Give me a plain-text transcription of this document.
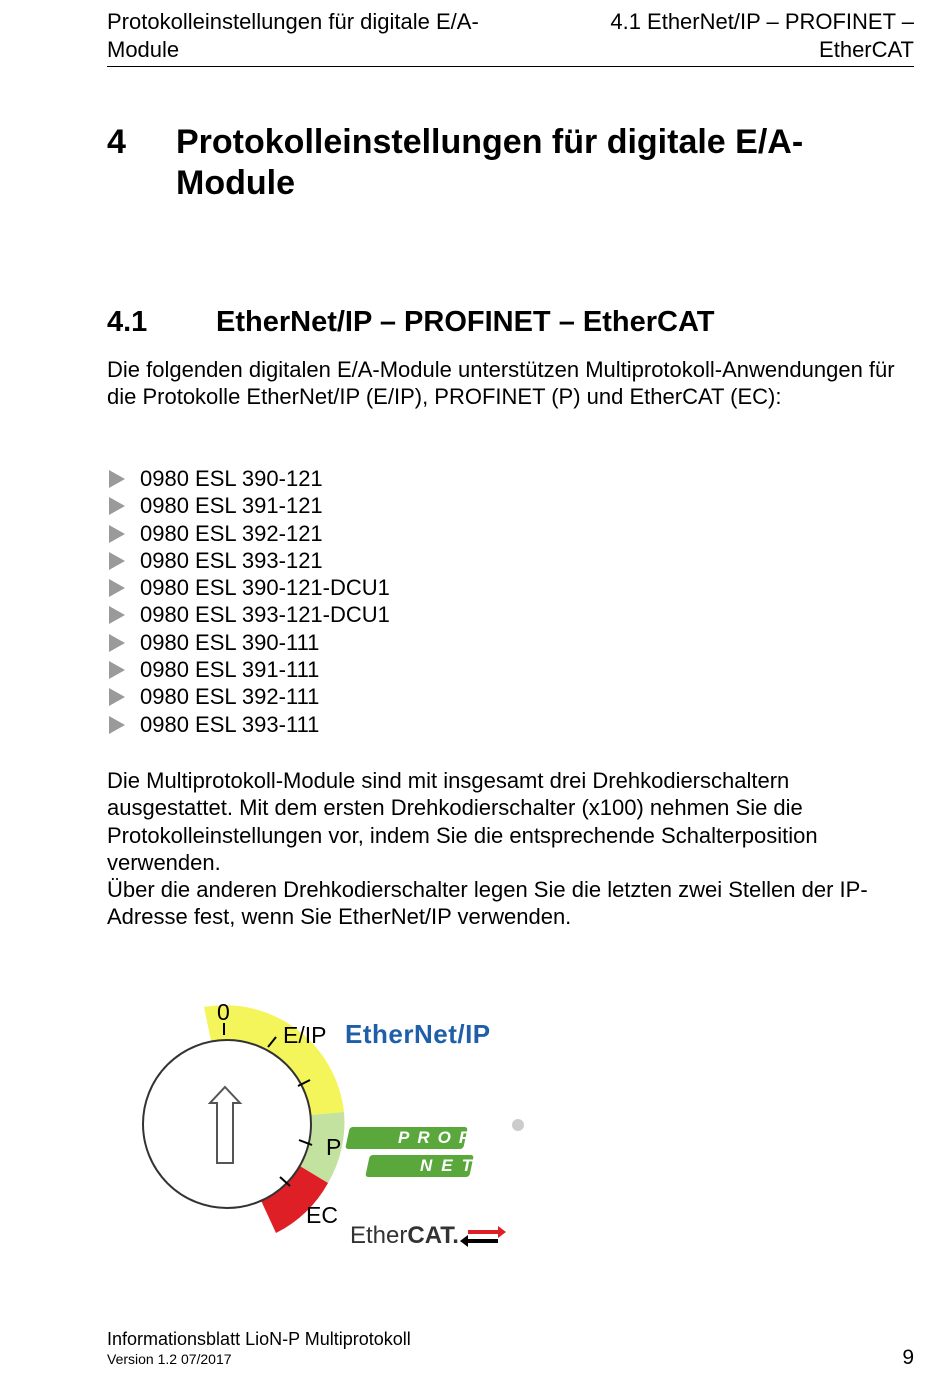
Protokolleinstellungen für digitale E/A-Module
4.1 EtherNet/IP – PROFINET – EtherCAT
4 Protokolleinstellungen für digitale E/A-Module
4.1 EtherNet/IP – PROFINET – EtherCAT
Die folgenden digitalen E/A-Module unterstützen Multiprotokoll-Anwendungen für die Protokolle EtherNet/IP (E/IP), PROFINET (P) und EtherCAT (EC):
0980 ESL 390-121
0980 ESL 391-121
0980 ESL 392-121
0980 ESL 393-121
0980 ESL 390-121-DCU1
0980 ESL 393-121-DCU1
0980 ESL 390-111
0980 ESL 391-111
0980 ESL 392-111
0980 ESL 393-111
Die Multiprotokoll-Module sind mit insgesamt drei Drehkodierschaltern ausgestattet. Mit dem ersten Drehkodierschalter (x100) nehmen Sie die Protokolleinstellungen vor, indem Sie die entsprechende Schalterposition verwenden.
Über die anderen Drehkodierschalter legen Sie die letzten zwei Stellen der IP-Adresse fest, wenn Sie EtherNet/IP verwenden.
0
E/IP
P
EC
EtherNet/IP
PROFI
NET
EtherCAT.
Informationsblatt LioN-P Multiprotokoll
Version 1.2 07/2017	9
